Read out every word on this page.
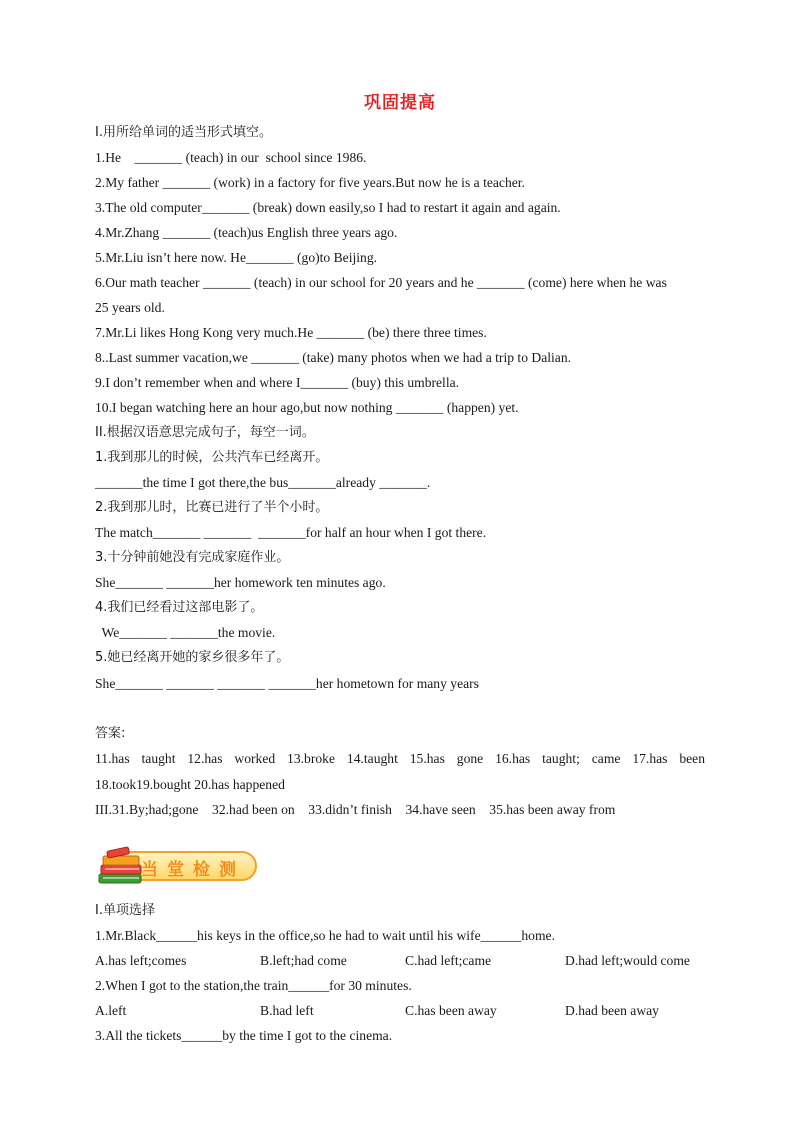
巩固提高
I.用所给单词的适当形式填空。
1.He    _______ (teach) in our  school since 1986.
2.My father _______ (work) in a factory for five years.But now he is a teacher.
3.The old computer_______ (break) down easily,so I had to restart it again and again.
4.Mr.Zhang _______ (teach)us English three years ago.
5.Mr.Liu isn’t here now. He_______ (go)to Beijing.
6.Our math teacher _______ (teach) in our school for 20 years and he _______ (come) here when he was
25 years old.
7.Mr.Li likes Hong Kong very much.He _______ (be) there three times.
8..Last summer vacation,we _______ (take) many photos when we had a trip to Dalian.
9.I don’t remember when and where I_______ (buy) this umbrella.
10.I began watching here an hour ago,but now nothing _______ (happen) yet.
II.根据汉语意思完成句子，每空一词。
1.我到那儿的时候，公共汽车已经离开。
_______the time I got there,the bus_______already _______.
2.我到那儿时，比赛已进行了半个小时。
The match_______ _______  _______for half an hour when I got there.
3.十分钟前她没有完成家庭作业。
She_______ _______her homework ten minutes ago.
4.我们已经看过这部电影了。
We_______ _______the movie.
5.她已经离开她的家乡很多年了。
She_______ _______ _______ _______her hometown for many years
答案:
11.has taught 12.has worked 13.broke 14.taught 15.has gone 16.has taught; came 17.has been
18.took19.bought 20.has happened
III.31.By;had;gone    32.had been on    33.didn’t finish    34.have seen    35.has been away from
当堂检测
I.单项选择
1.Mr.Black______his keys in the office,so he had to wait until his wife______home.
A.has left;comes	B.left;had come	C.had left;came	D.had left;would come
2.When I got to the station,the train______for 30 minutes.
A.left	B.had left	C.has been away	D.had been away
3.All the tickets______by the time I got to the cinema.
